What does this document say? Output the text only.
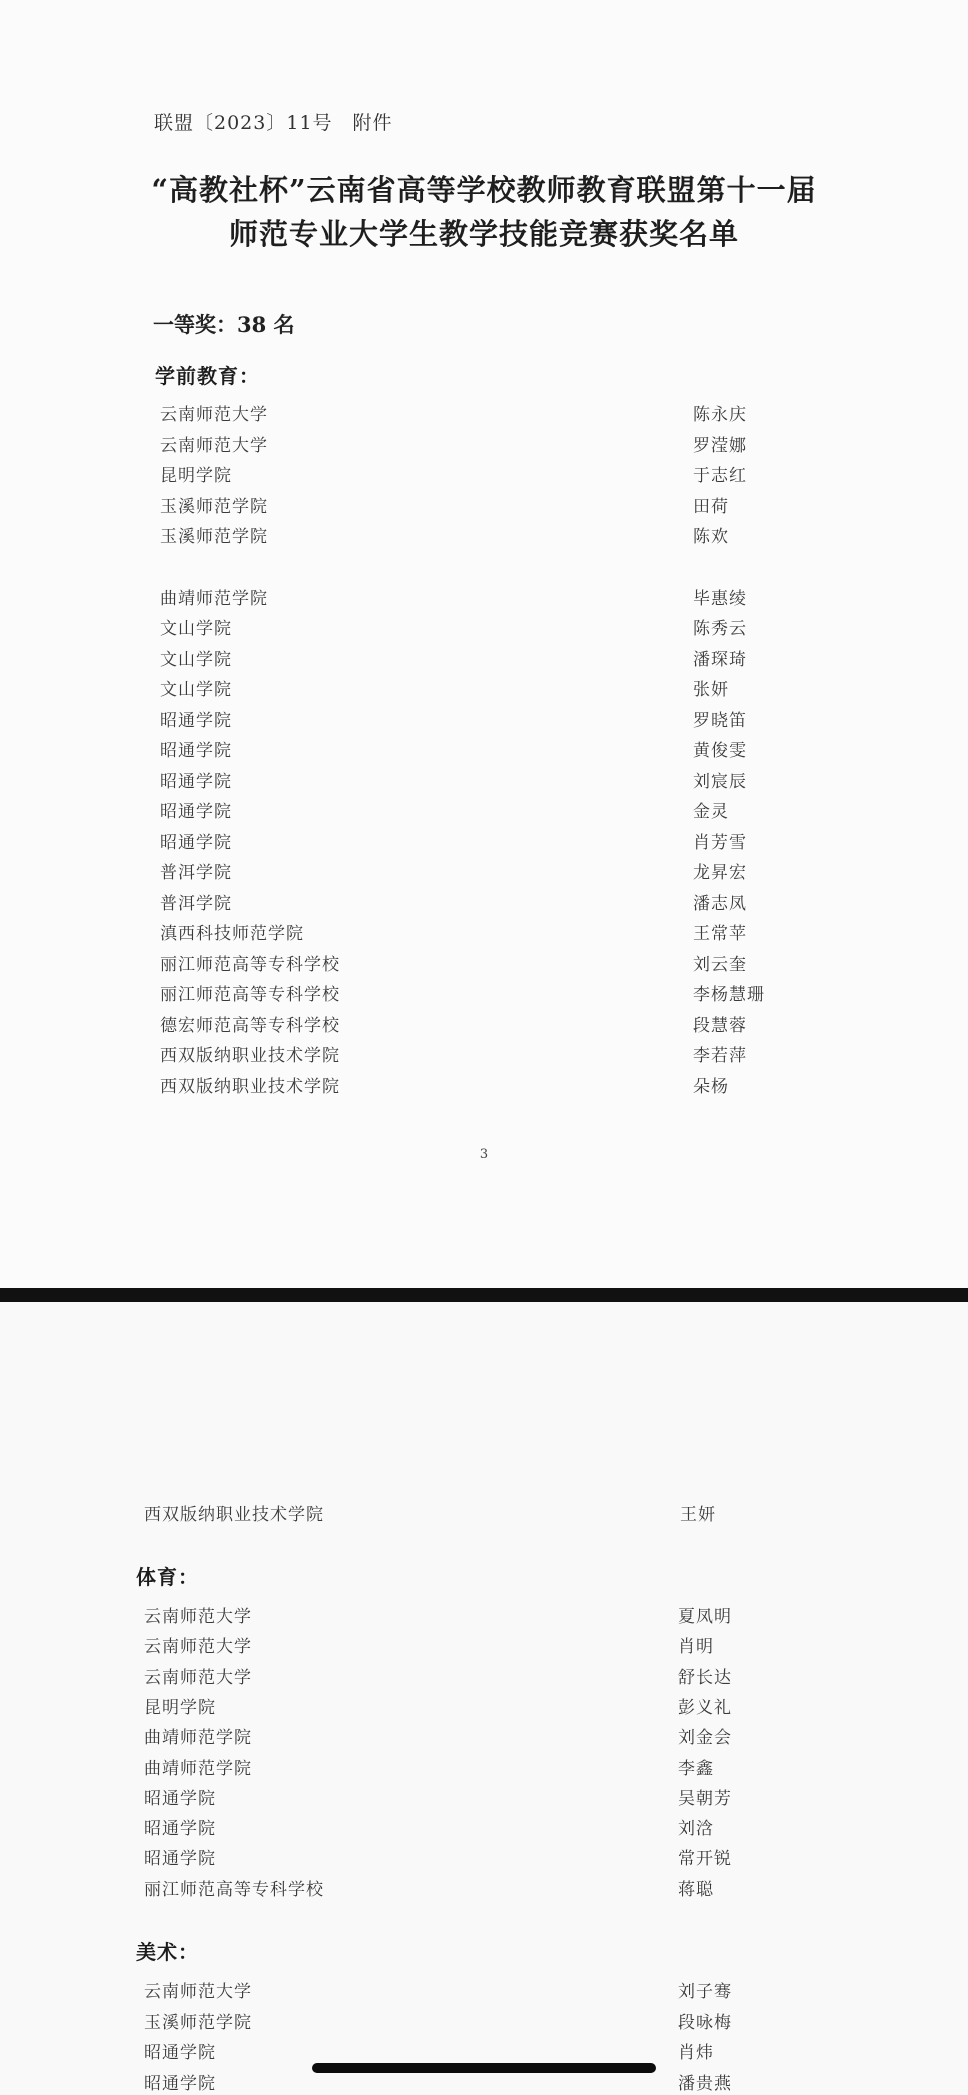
联盟〔2023〕11号　附件
“高教社杯”云南省高等学校教师教育联盟第十一届
师范专业大学生教学技能竞赛获奖名单
一等奖：38 名
学前教育：
云南师范大学	陈永庆
云南师范大学	罗滢娜
昆明学院	于志红
玉溪师范学院	田荷
玉溪师范学院	陈欢
曲靖师范学院	毕惠绫
文山学院	陈秀云
文山学院	潘琛琦
文山学院	张妍
昭通学院	罗晓笛
昭通学院	黄俊雯
昭通学院	刘宸辰
昭通学院	金灵
昭通学院	肖芳雪
普洱学院	龙昇宏
普洱学院	潘志凤
滇西科技师范学院	王常苹
丽江师范高等专科学校	刘云奎
丽江师范高等专科学校	李杨慧珊
德宏师范高等专科学校	段慧蓉
西双版纳职业技术学院	李若萍
西双版纳职业技术学院	朵杨
3
西双版纳职业技术学院	王妍
体育：
云南师范大学	夏凤明
云南师范大学	肖明
云南师范大学	舒长达
昆明学院	彭义礼
曲靖师范学院	刘金会
曲靖师范学院	李鑫
昭通学院	吴朝芳
昭通学院	刘浛
昭通学院	常开锐
丽江师范高等专科学校	蒋聪
美术：
云南师范大学	刘子骞
玉溪师范学院	段咏梅
昭通学院	肖炜
昭通学院	潘贵燕
